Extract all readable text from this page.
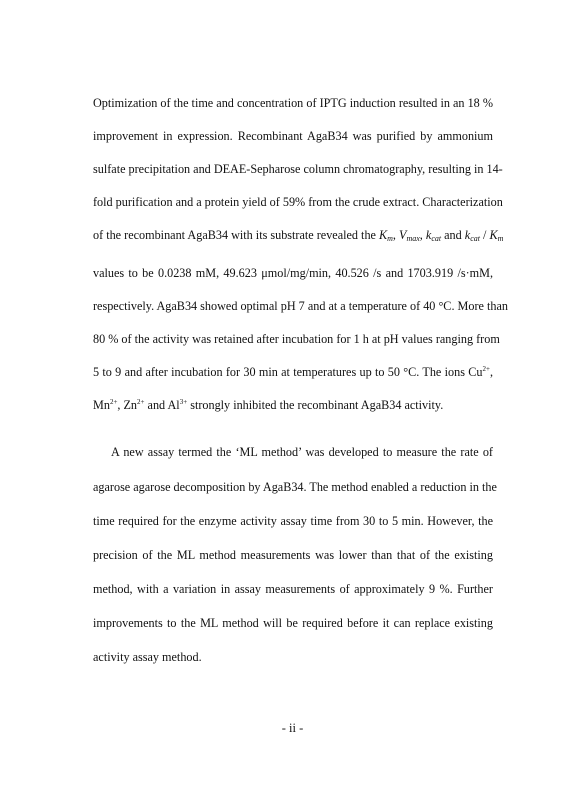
Optimization of the time and concentration of IPTG induction resulted in an 18 %
improvement in expression. Recombinant AgaB34 was purified by ammonium
sulfate precipitation and DEAE-Sepharose column chromatography, resulting in 14-
fold purification and a protein yield of 59% from the crude extract. Characterization
of the recombinant AgaB34 with its substrate revealed the $K_m$, $V_{max}$, $k_{cat}$ and $k_{cat} / K_m$
values to be 0.0238 mM, 49.623 μmol/mg/min, 40.526 /s and 1703.919 /s·mM,
respectively. AgaB34 showed optimal pH 7 and at a temperature of 40 °C. More than
80 % of the activity was retained after incubation for 1 h at pH values ranging from
5 to 9 and after incubation for 30 min at temperatures up to 50 °C. The ions $Cu^{2+}$,
$Mn^{2+}$, $Zn^{2+}$ and $Al^{3+}$ strongly inhibited the recombinant AgaB34 activity.
A new assay termed the ‘ML method’ was developed to measure the rate of
agarose agarose decomposition by AgaB34. The method enabled a reduction in the
time required for the enzyme activity assay time from 30 to 5 min. However, the
precision of the ML method measurements was lower than that of the existing
method, with a variation in assay measurements of approximately 9 %. Further
improvements to the ML method will be required before it can replace existing
activity assay method.
- ii -
